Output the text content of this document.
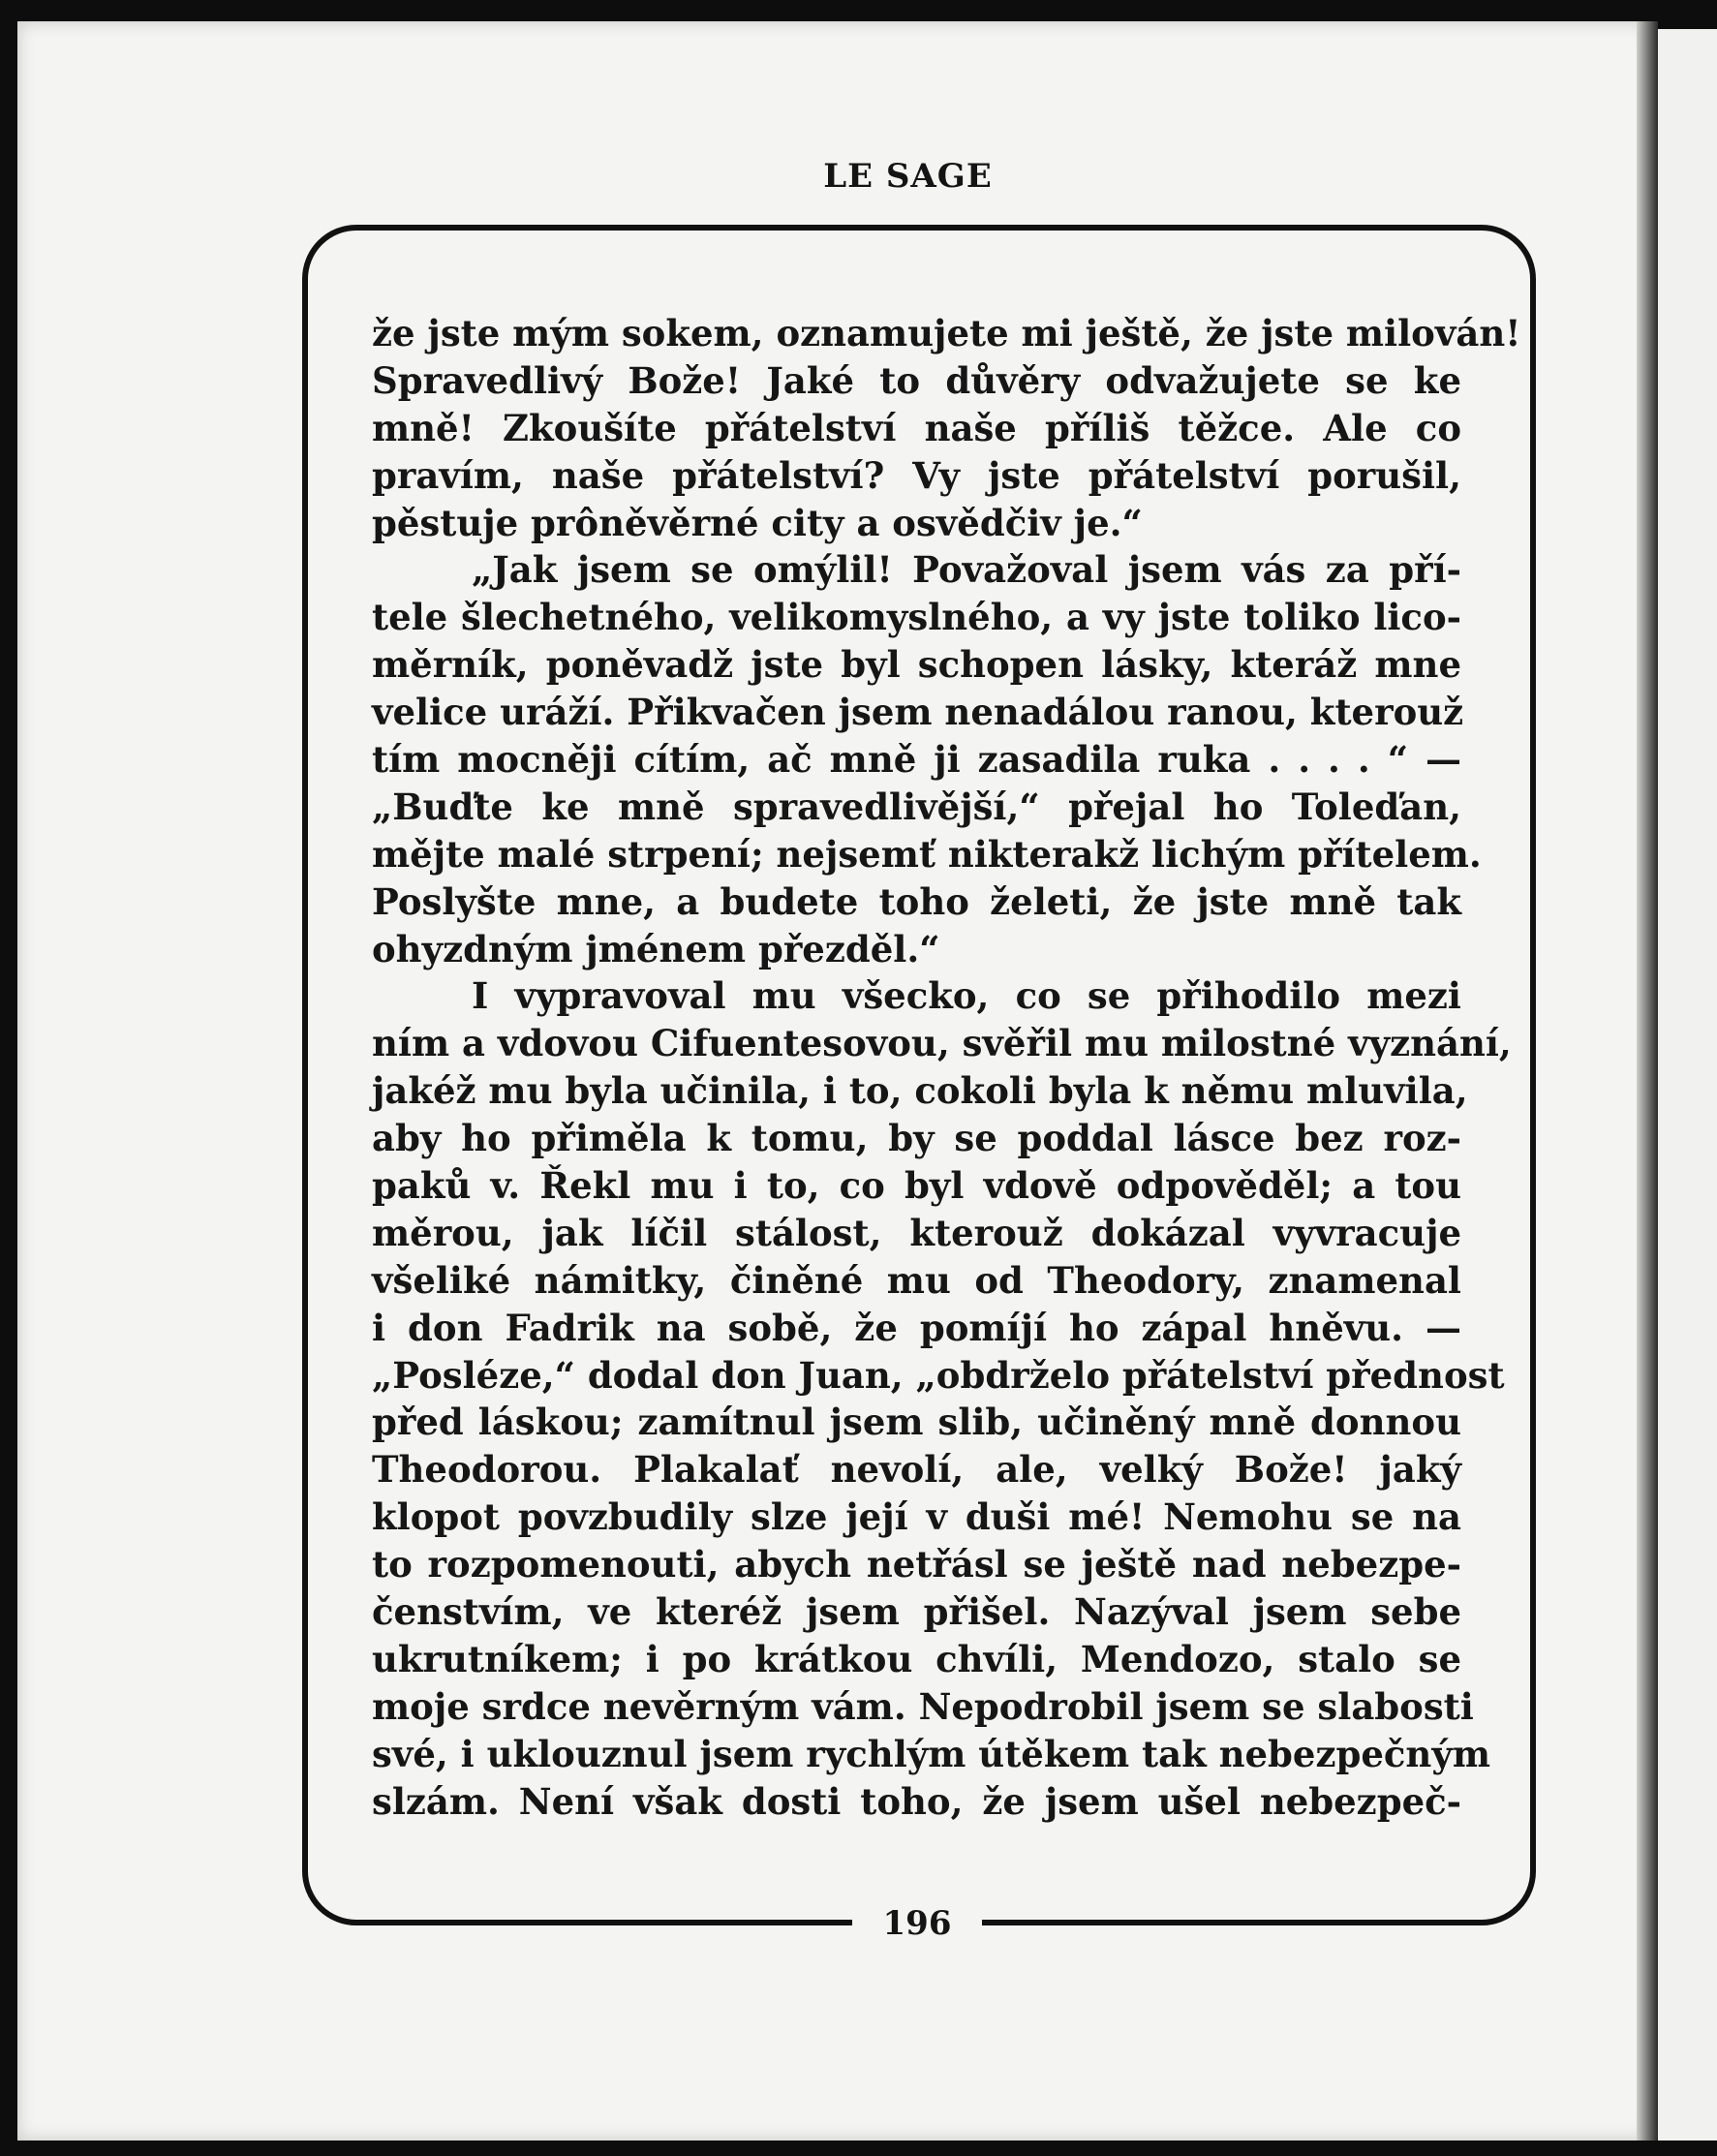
LE SAGE
196
že jste mým sokem, oznamujete mi ještě, že jste milován!
Spravedlivý Bože! Jaké to důvěry odvažujete se ke
mně! Zkoušíte přátelství naše příliš těžce. Ale co
pravím, naše přátelství? Vy jste přátelství porušil,
pěstuje prôněvěrné city a osvědčiv je.“
„Jak jsem se omýlil! Považoval jsem vás za pří-
tele šlechetného, velikomyslného, a vy jste toliko lico-
měrník, poněvadž jste byl schopen lásky, kteráž mne
velice uráží. Přikvačen jsem nenadálou ranou, kterouž
tím mocněji cítím, ač mně ji zasadila ruka . . . . “ —
„Buďte ke mně spravedlivější,“ přejal ho Toleďan,
mějte malé strpení; nejsemť nikterakž lichým přítelem.
Poslyšte mne, a budete toho želeti, že jste mně tak
ohyzdným jménem přezděl.“
I vypravoval mu všecko, co se přihodilo mezi
ním a vdovou Cifuentesovou, svěřil mu milostné vyznání,
jakéž mu byla učinila, i to, cokoli byla k němu mluvila,
aby ho přiměla k tomu, by se poddal lásce bez roz-
paků v. Řekl mu i to, co byl vdově odpověděl; a tou
měrou, jak líčil stálost, kterouž dokázal vyvracuje
všeliké námitky, činěné mu od Theodory, znamenal
i don Fadrik na sobě, že pomíjí ho zápal hněvu. —
„Posléze,“ dodal don Juan, „obdrželo přátelství přednost
před láskou; zamítnul jsem slib, učiněný mně donnou
Theodorou. Plakalať nevolí, ale, velký Bože! jaký
klopot povzbudily slze její v duši mé! Nemohu se na
to rozpomenouti, abych netřásl se ještě nad nebezpe-
čenstvím, ve kteréž jsem přišel. Nazýval jsem sebe
ukrutníkem; i po krátkou chvíli, Mendozo, stalo se
moje srdce nevěrným vám. Nepodrobil jsem se slabosti
své, i uklouznul jsem rychlým útěkem tak nebezpečným
slzám. Není však dosti toho, že jsem ušel nebezpeč-
